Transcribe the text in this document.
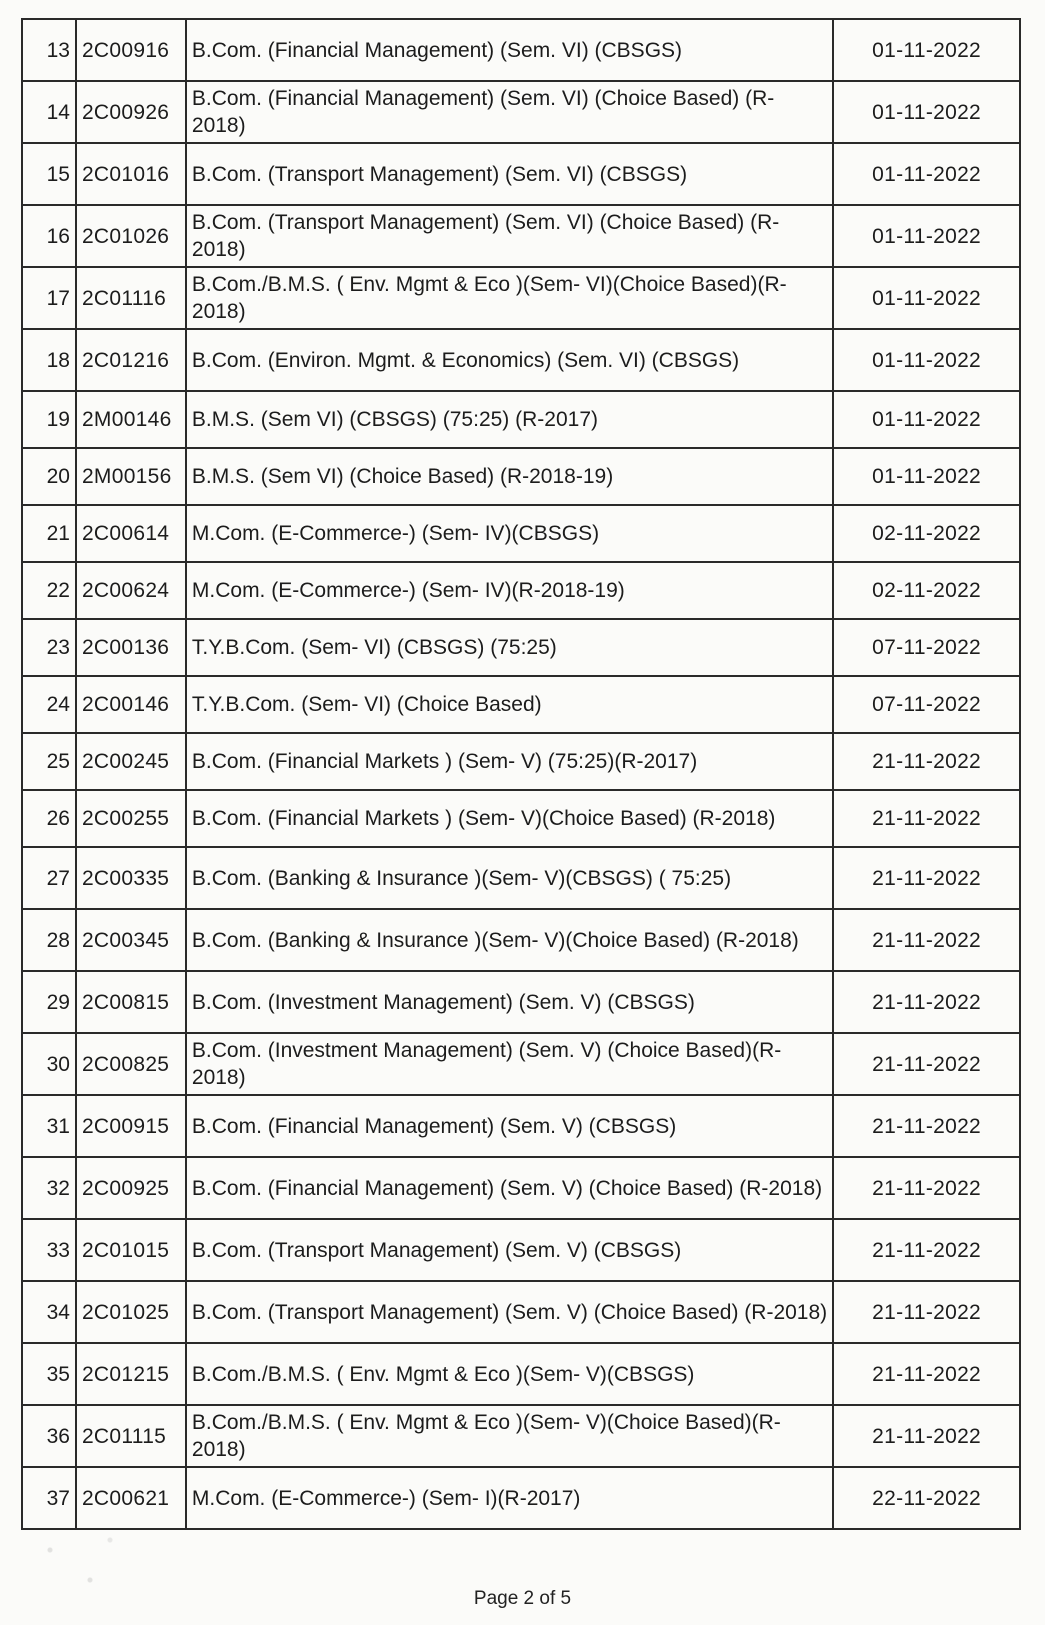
13	2C00916	B.Com. (Financial Management) (Sem. VI) (CBSGS)	01-11-2022
14	2C00926	B.Com. (Financial Management) (Sem. VI) (Choice Based) (R-2018)	01-11-2022
15	2C01016	B.Com. (Transport Management) (Sem. VI) (CBSGS)	01-11-2022
16	2C01026	B.Com. (Transport Management) (Sem. VI) (Choice Based) (R-2018)	01-11-2022
17	2C01116	B.Com./B.M.S. ( Env. Mgmt & Eco )(Sem- VI)(Choice Based)(R-2018)	01-11-2022
18	2C01216	B.Com. (Environ. Mgmt. & Economics) (Sem. VI) (CBSGS)	01-11-2022
19	2M00146	B.M.S. (Sem VI) (CBSGS) (75:25) (R-2017)	01-11-2022
20	2M00156	B.M.S. (Sem VI) (Choice Based) (R-2018-19)	01-11-2022
21	2C00614	M.Com. (E-Commerce-) (Sem- IV)(CBSGS)	02-11-2022
22	2C00624	M.Com. (E-Commerce-) (Sem- IV)(R-2018-19)	02-11-2022
23	2C00136	T.Y.B.Com. (Sem- VI) (CBSGS) (75:25)	07-11-2022
24	2C00146	T.Y.B.Com. (Sem- VI) (Choice Based)	07-11-2022
25	2C00245	B.Com. (Financial Markets ) (Sem- V) (75:25)(R-2017)	21-11-2022
26	2C00255	B.Com. (Financial Markets ) (Sem- V)(Choice Based) (R-2018)	21-11-2022
27	2C00335	B.Com. (Banking & Insurance )(Sem- V)(CBSGS) ( 75:25)	21-11-2022
28	2C00345	B.Com. (Banking & Insurance )(Sem- V)(Choice Based) (R-2018)	21-11-2022
29	2C00815	B.Com. (Investment Management) (Sem. V) (CBSGS)	21-11-2022
30	2C00825	B.Com. (Investment Management) (Sem. V) (Choice Based)(R-2018)	21-11-2022
31	2C00915	B.Com. (Financial Management) (Sem. V) (CBSGS)	21-11-2022
32	2C00925	B.Com. (Financial Management) (Sem. V) (Choice Based) (R-2018)	21-11-2022
33	2C01015	B.Com. (Transport Management) (Sem. V) (CBSGS)	21-11-2022
34	2C01025	B.Com. (Transport Management) (Sem. V) (Choice Based) (R-2018)	21-11-2022
35	2C01215	B.Com./B.M.S. ( Env. Mgmt & Eco )(Sem- V)(CBSGS)	21-11-2022
36	2C01115	B.Com./B.M.S. ( Env. Mgmt & Eco )(Sem- V)(Choice Based)(R-2018)	21-11-2022
37	2C00621	M.Com. (E-Commerce-) (Sem- I)(R-2017)	22-11-2022
Page 2 of 5
